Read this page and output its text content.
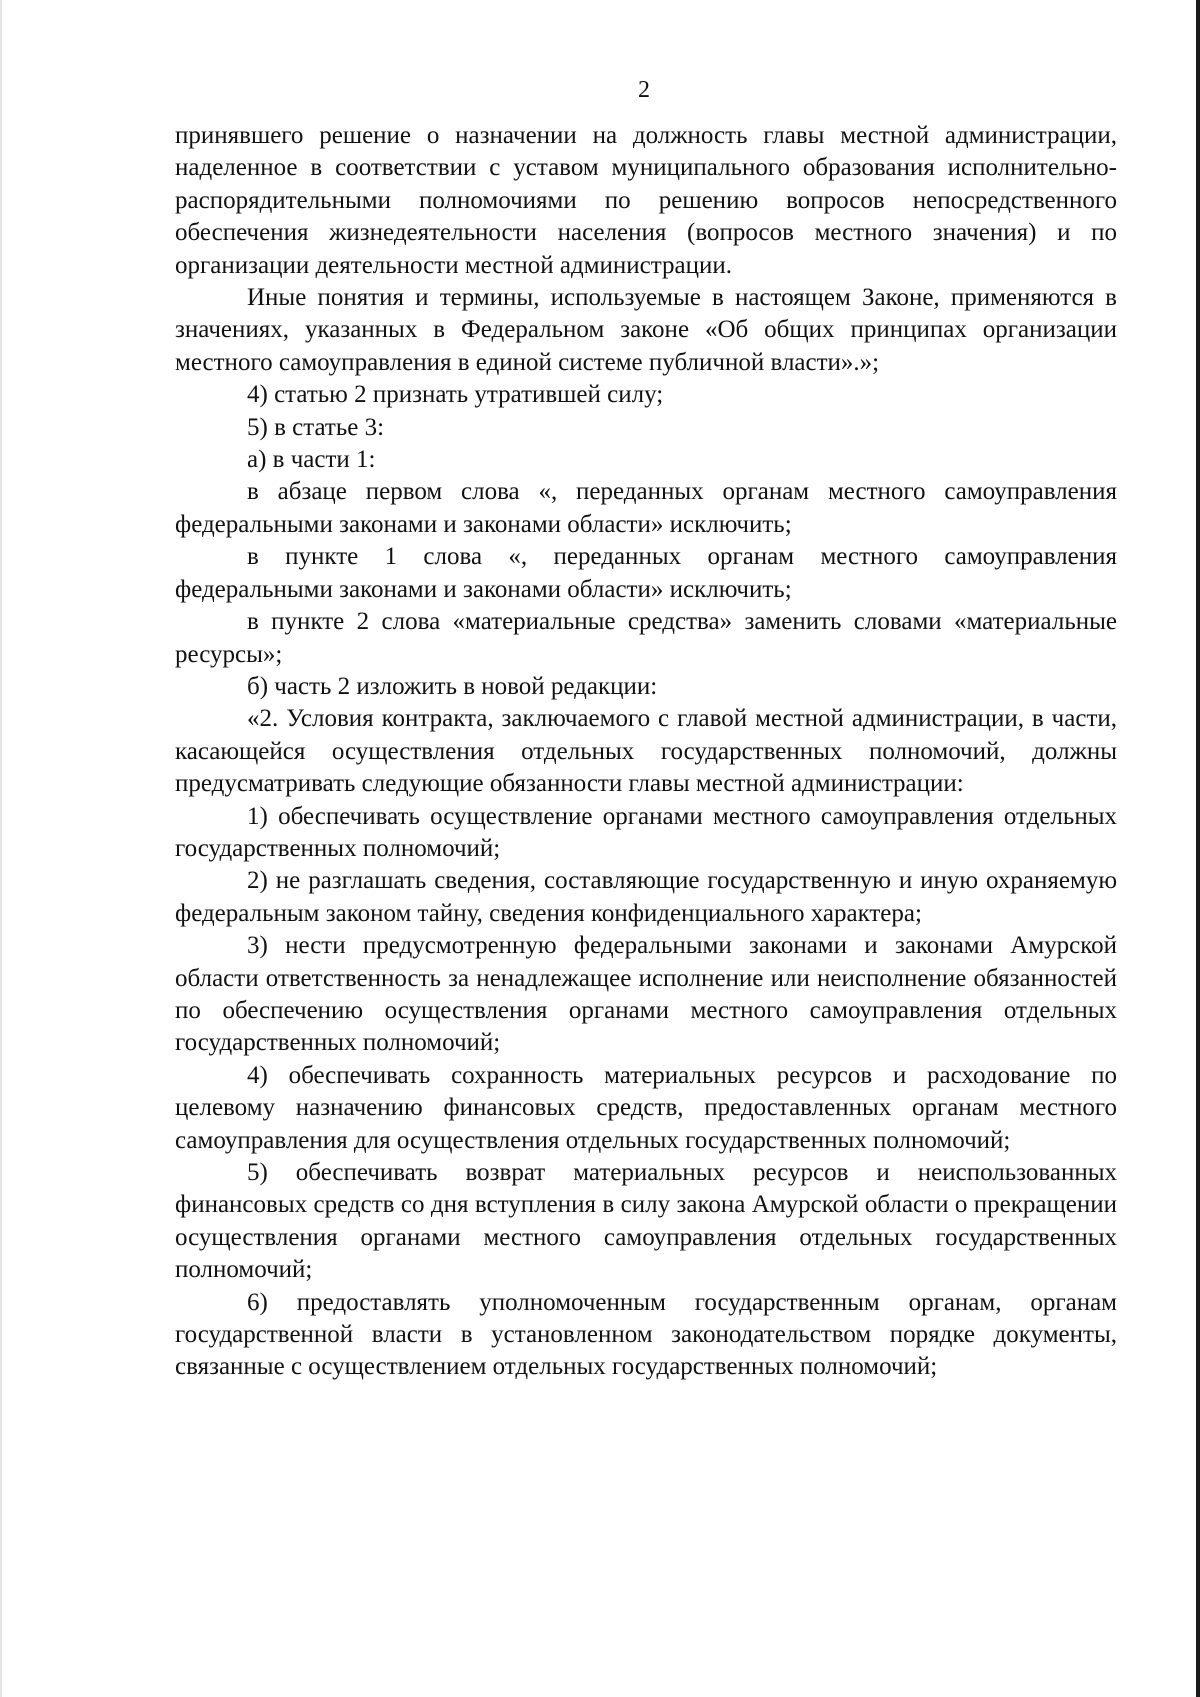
2

принявшего решение о назначении на должность главы местной администрации, наделенное в соответствии с уставом муниципального образования исполнительно-распорядительными полномочиями по решению вопросов непосредственного обеспечения жизнедеятельности населения (вопросов местного значения) и по организации деятельности местной администрации.

Иные понятия и термины, используемые в настоящем Законе, применяются в значениях, указанных в Федеральном законе «Об общих принципах организации местного самоуправления в единой системе публичной власти».»;

4) статью 2 признать утратившей силу;

5) в статье 3:

а) в части 1:

в абзаце первом слова «, переданных органам местного самоуправления федеральными законами и законами области» исключить;

в пункте 1 слова «, переданных органам местного самоуправления федеральными законами и законами области» исключить;

в пункте 2 слова «материальные средства» заменить словами «материальные ресурсы»;

б) часть 2 изложить в новой редакции:

«2. Условия контракта, заключаемого с главой местной администрации, в части, касающейся осуществления отдельных государственных полномочий, должны предусматривать следующие обязанности главы местной администрации:

1) обеспечивать осуществление органами местного самоуправления отдельных государственных полномочий;

2) не разглашать сведения, составляющие государственную и иную охраняемую федеральным законом тайну, сведения конфиденциального характера;

3) нести предусмотренную федеральными законами и законами Амурской области ответственность за ненадлежащее исполнение или неисполнение обязанностей по обеспечению осуществления органами местного самоуправления отдельных государственных полномочий;

4) обеспечивать сохранность материальных ресурсов и расходование по целевому назначению финансовых средств, предоставленных органам местного самоуправления для осуществления отдельных государственных полномочий;

5) обеспечивать возврат материальных ресурсов и неиспользованных финансовых средств со дня вступления в силу закона Амурской области о прекращении осуществления органами местного самоуправления отдельных государственных полномочий;

6) предоставлять уполномоченным государственным органам, органам государственной власти в установленном законодательством порядке документы, связанные с осуществлением отдельных государственных полномочий;
